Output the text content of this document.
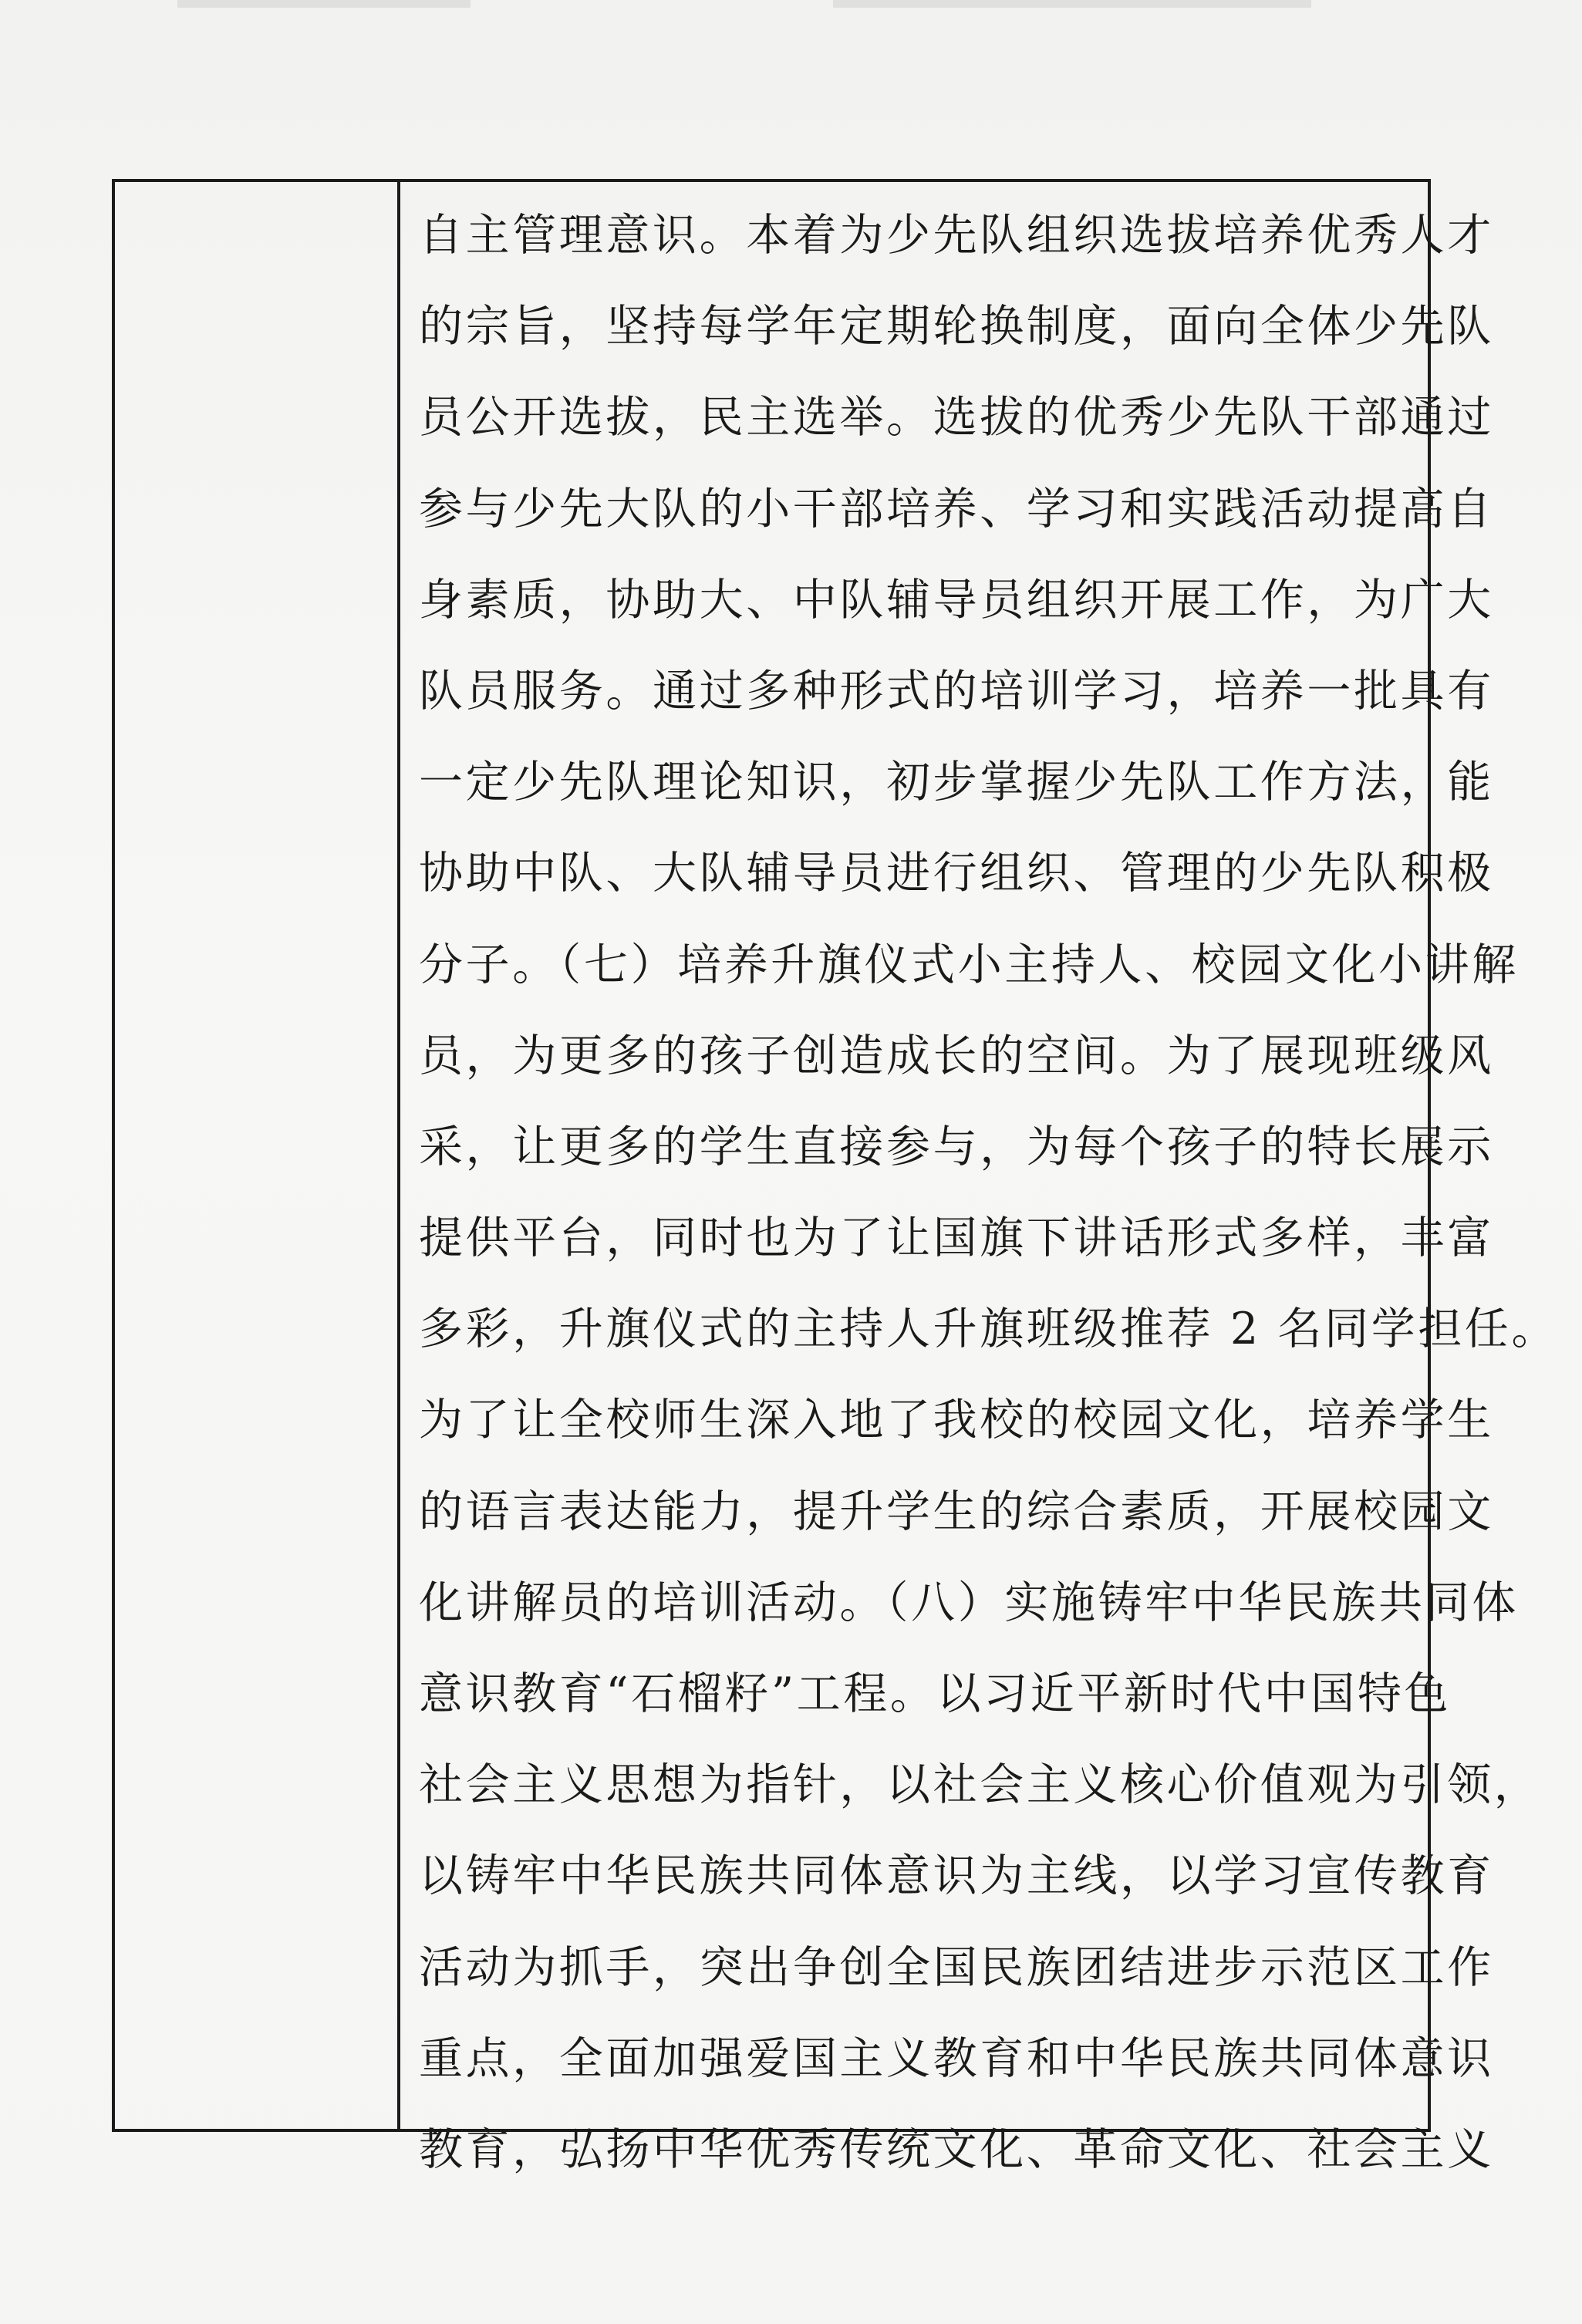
自主管理意识。本着为少先队组织选拔培养优秀人才
的宗旨，坚持每学年定期轮换制度，面向全体少先队
员公开选拔，民主选举。选拔的优秀少先队干部通过
参与少先大队的小干部培养、学习和实践活动提高自
身素质，协助大、中队辅导员组织开展工作，为广大
队员服务。通过多种形式的培训学习，培养一批具有
一定少先队理论知识，初步掌握少先队工作方法，能
协助中队、大队辅导员进行组织、管理的少先队积极
分子。（七）培养升旗仪式小主持人、校园文化小讲解
员，为更多的孩子创造成长的空间。为了展现班级风
采，让更多的学生直接参与，为每个孩子的特长展示
提供平台，同时也为了让国旗下讲话形式多样，丰富
多彩，升旗仪式的主持人升旗班级推荐 2 名同学担任。
为了让全校师生深入地了我校的校园文化，培养学生
的语言表达能力，提升学生的综合素质，开展校园文
化讲解员的培训活动。（八）实施铸牢中华民族共同体
意识教育“石榴籽”工程。以习近平新时代中国特色
社会主义思想为指针，以社会主义核心价值观为引领，
以铸牢中华民族共同体意识为主线，以学习宣传教育
活动为抓手，突出争创全国民族团结进步示范区工作
重点，全面加强爱国主义教育和中华民族共同体意识
教育，弘扬中华优秀传统文化、革命文化、社会主义
